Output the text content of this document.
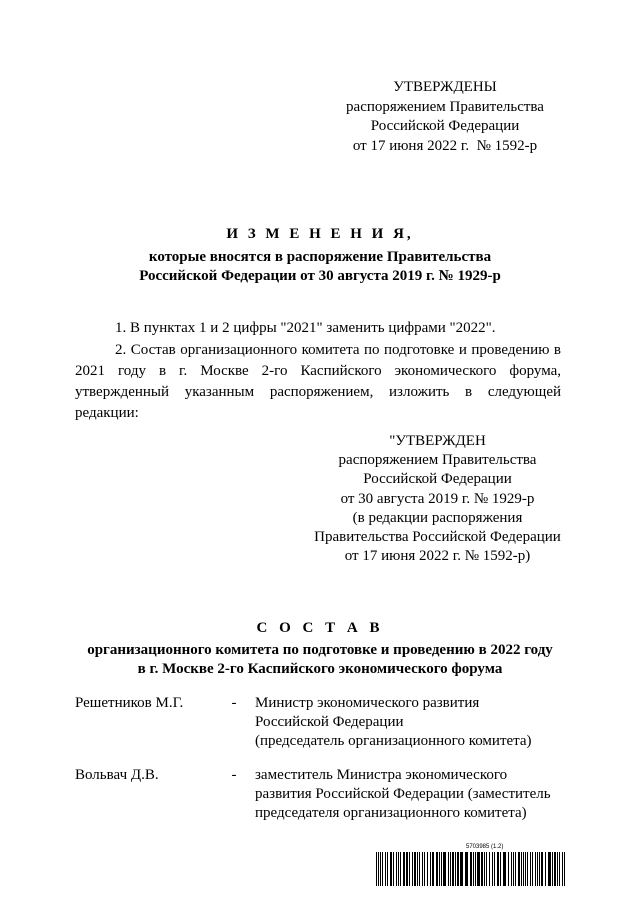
УТВЕРЖДЕНЫ
распоряжением Правительства
Российской Федерации
от 17 июня 2022 г. № 1592-р
И З М Е Н Е Н И Я,
которые вносятся в распоряжение Правительства
Российской Федерации от 30 августа 2019 г. № 1929-р
1. В пунктах 1 и 2 цифры "2021" заменить цифрами "2022".
2. Состав организационного комитета по подготовке и проведению в 2021 году в г. Москве 2-го Каспийского экономического форума, утвержденный указанным распоряжением, изложить в следующей редакции:
"УТВЕРЖДЕН
распоряжением Правительства
Российской Федерации
от 30 августа 2019 г. № 1929-р
(в редакции распоряжения
Правительства Российской Федерации
от 17 июня 2022 г. № 1592-р)
С О С Т А В
организационного комитета по подготовке и проведению в 2022 году
в г. Москве 2-го Каспийского экономического форума
Решетников М.Г.	-	Министр экономического развития
Российской Федерации
(председатель организационного комитета)
Вольвач Д.В.	-	заместитель Министра экономического
развития Российской Федерации (заместитель
председателя организационного комитета)
5703985 (1.2)
